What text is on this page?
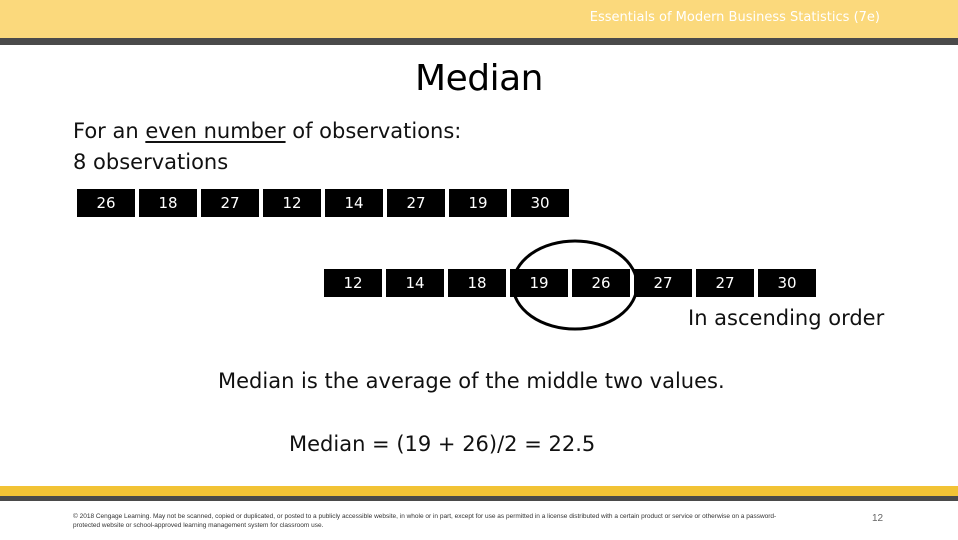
Essentials of Modern Business Statistics (7e)
Median
For an even number of observations:
8 observations
26	18	27	12	14	27	19	30
12	14	18	19	26	27	27	30
In ascending order
Median is the average of the middle two values.
Median = (19 + 26)/2 = 22.5
© 2018 Cengage Learning. May not be scanned, copied or duplicated, or posted to a publicly accessible website, in whole or in part, except for use as permitted in a license distributed with a certain product or service or otherwise on a password-protected website or school-approved learning management system for classroom use.
12
